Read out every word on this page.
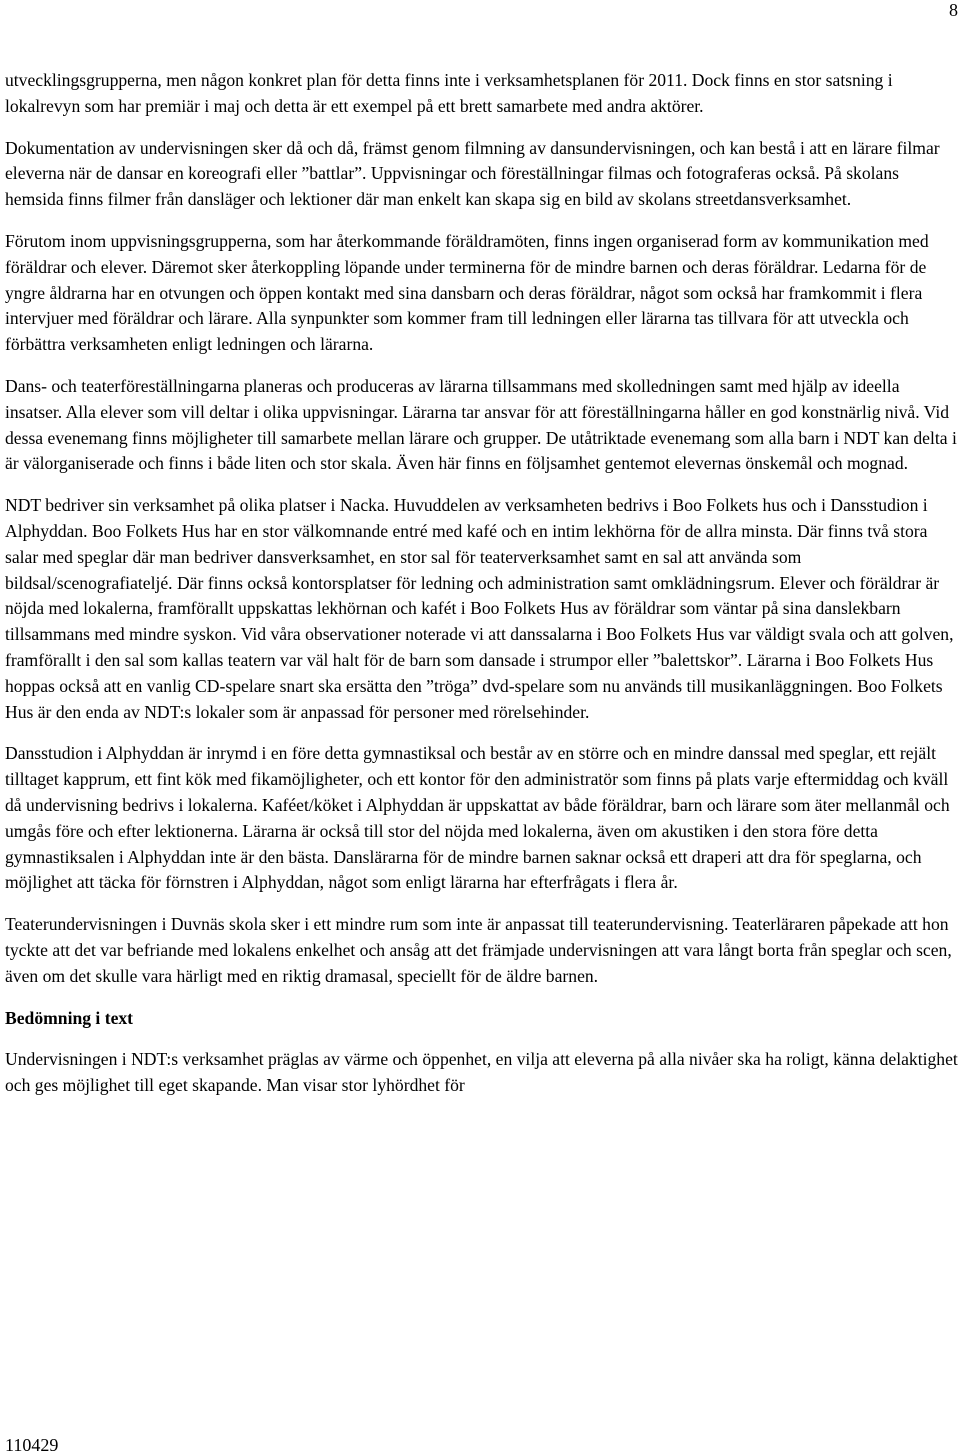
8

utvecklingsgrupperna, men någon konkret plan för detta finns inte i verksamhetsplanen för 2011. Dock finns en stor satsning i lokalrevyn som har premiär i maj och detta är ett exempel på ett brett samarbete med andra aktörer.

Dokumentation av undervisningen sker då och då, främst genom filmning av dansundervisningen, och kan bestå i att en lärare filmar eleverna när de dansar en koreografi eller ”battlar”. Uppvisningar och föreställningar filmas och fotograferas också. På skolans hemsida finns filmer från dansläger och lektioner där man enkelt kan skapa sig en bild av skolans streetdansverksamhet.

Förutom inom uppvisningsgrupperna, som har återkommande föräldramöten, finns ingen organiserad form av kommunikation med föräldrar och elever. Däremot sker återkoppling löpande under terminerna för de mindre barnen och deras föräldrar. Ledarna för de yngre åldrarna har en otvungen och öppen kontakt med sina dansbarn och deras föräldrar, något som också har framkommit i flera intervjuer med föräldrar och lärare. Alla synpunkter som kommer fram till ledningen eller lärarna tas tillvara för att utveckla och förbättra verksamheten enligt ledningen och lärarna.

Dans- och teaterföreställningarna planeras och produceras av lärarna tillsammans med skolledningen samt med hjälp av ideella insatser. Alla elever som vill deltar i olika uppvisningar. Lärarna tar ansvar för att föreställningarna håller en god konstnärlig nivå. Vid dessa evenemang finns möjligheter till samarbete mellan lärare och grupper. De utåtriktade evenemang som alla barn i NDT kan delta i är välorganiserade och finns i både liten och stor skala. Även här finns en följsamhet gentemot elevernas önskemål och mognad.

NDT bedriver sin verksamhet på olika platser i Nacka. Huvuddelen av verksamheten bedrivs i Boo Folkets hus och i Dansstudion i Alphyddan. Boo Folkets Hus har en stor välkomnande entré med kafé och en intim lekhörna för de allra minsta. Där finns två stora salar med speglar där man bedriver dansverksamhet, en stor sal för teaterverksamhet samt en sal att använda som bildsal/scenografiateljé. Där finns också kontorsplatser för ledning och administration samt omklädningsrum. Elever och föräldrar är nöjda med lokalerna, framförallt uppskattas lekhörnan och kafét i Boo Folkets Hus av föräldrar som väntar på sina danslekbarn tillsammans med mindre syskon. Vid våra observationer noterade vi att danssalarna i Boo Folkets Hus var väldigt svala och att golven, framförallt i den sal som kallas teatern var väl halt för de barn som dansade i strumpor eller ”balettskor”. Lärarna i Boo Folkets Hus hoppas också att en vanlig CD-spelare snart ska ersätta den ”tröga” dvd-spelare som nu används till musikanläggningen. Boo Folkets Hus är den enda av NDT:s lokaler som är anpassad för personer med rörelsehinder.

Dansstudion i Alphyddan är inrymd i en före detta gymnastiksal och består av en större och en mindre danssal med speglar, ett rejält tilltaget kapprum, ett fint kök med fikamöjligheter, och ett kontor för den administratör som finns på plats varje eftermiddag och kväll då undervisning bedrivs i lokalerna. Kaféet/köket i Alphyddan är uppskattat av både föräldrar, barn och lärare som äter mellanmål och umgås före och efter lektionerna. Lärarna är också till stor del nöjda med lokalerna, även om akustiken i den stora före detta gymnastiksalen i Alphyddan inte är den bästa. Danslärarna för de mindre barnen saknar också ett draperi att dra för speglarna, och möjlighet att täcka för förnstren i Alphyddan, något som enligt lärarna har efterfrågats i flera år.

Teaterundervisningen i Duvnäs skola sker i ett mindre rum som inte är anpassat till teaterundervisning. Teaterläraren påpekade att hon tyckte att det var befriande med lokalens enkelhet och ansåg att det främjade undervisningen att vara långt borta från speglar och scen, även om det skulle vara härligt med en riktig dramasal, speciellt för de äldre barnen.

Bedömning i text

Undervisningen i NDT:s verksamhet präglas av värme och öppenhet, en vilja att eleverna på alla nivåer ska ha roligt, känna delaktighet och ges möjlighet till eget skapande. Man visar stor lyhördhet för

110429
